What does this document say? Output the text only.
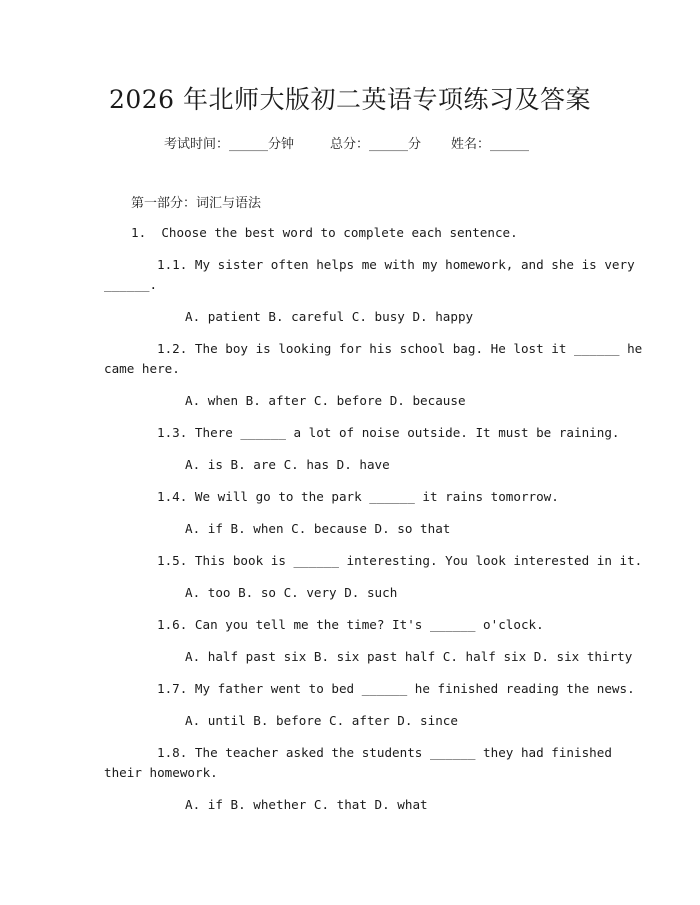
2026 年北师大版初二英语专项练习及答案
考试时间：______分钟	总分：______分 姓名：______
第一部分：词汇与语法
1.  Choose the best word to complete each sentence.
1.1. My sister often helps me with my homework, and she is very
______.
A. patient B. careful C. busy D. happy
1.2. The boy is looking for his school bag. He lost it ______ he
came here.
A. when B. after C. before D. because
1.3. There ______ a lot of noise outside. It must be raining.
A. is B. are C. has D. have
1.4. We will go to the park ______ it rains tomorrow.
A. if B. when C. because D. so that
1.5. This book is ______ interesting. You look interested in it.
A. too B. so C. very D. such
1.6. Can you tell me the time? It's ______ o'clock.
A. half past six B. six past half C. half six D. six thirty
1.7. My father went to bed ______ he finished reading the news.
A. until B. before C. after D. since
1.8. The teacher asked the students ______ they had finished
their homework.
A. if B. whether C. that D. what
